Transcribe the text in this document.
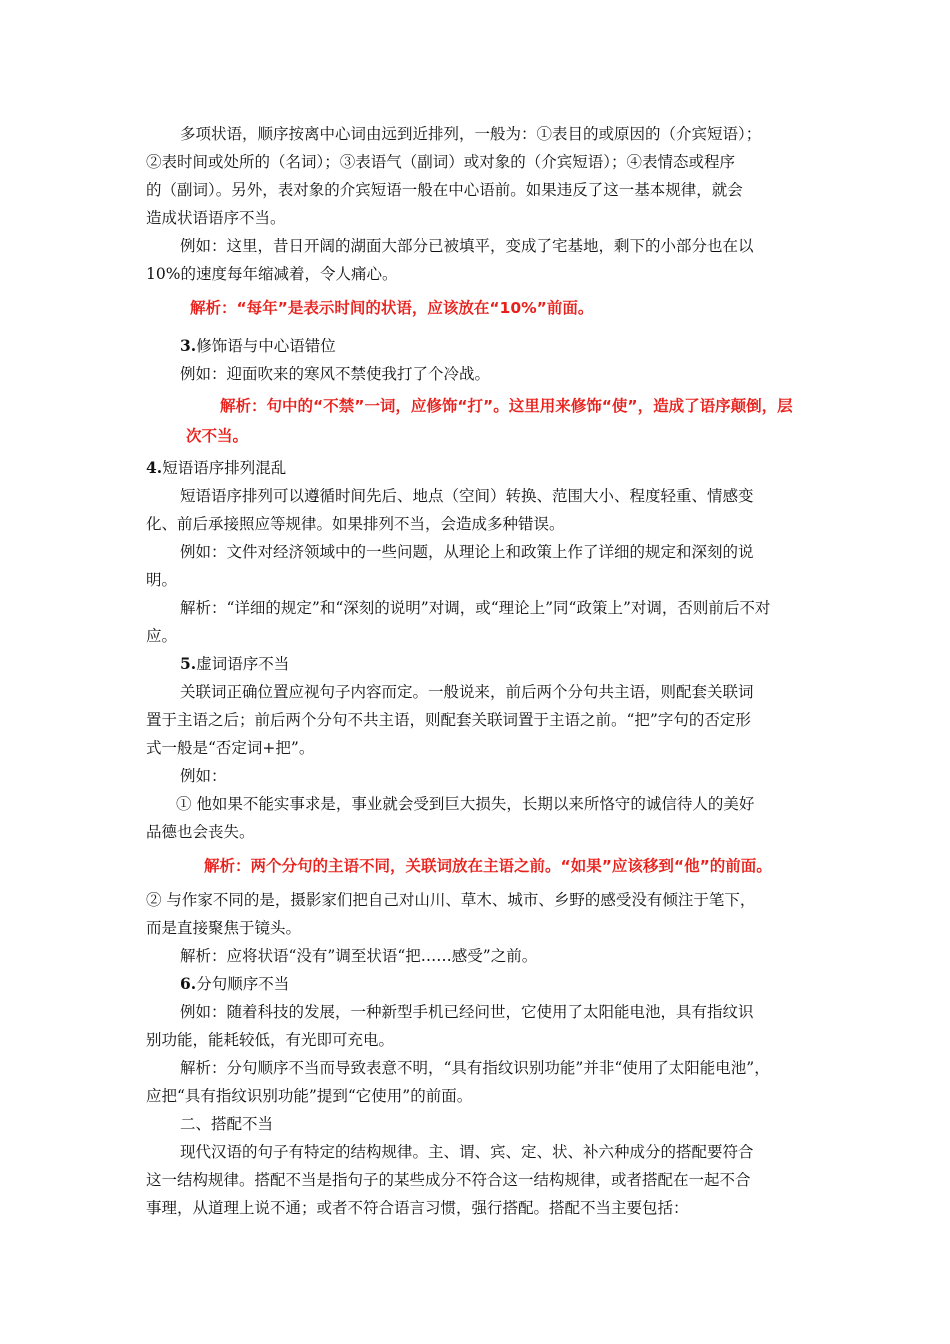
多项状语，顺序按离中心词由远到近排列，一般为：①表目的或原因的（介宾短语）；
②表时间或处所的（名词）；③表语气（副词）或对象的（介宾短语）；④表情态或程序
的（副词）。另外，表对象的介宾短语一般在中心语前。如果违反了这一基本规律，就会
造成状语语序不当。
例如：这里，昔日开阔的湖面大部分已被填平，变成了宅基地，剩下的小部分也在以
10%的速度每年缩减着，令人痛心。
解析：“每年”是表示时间的状语，应该放在“10%”前面。
3.修饰语与中心语错位
例如：迎面吹来的寒风不禁使我打了个冷战。
解析：句中的“不禁”一词，应修饰“打”。这里用来修饰“使”，造成了语序颠倒，层
次不当。
4.短语语序排列混乱
短语语序排列可以遵循时间先后、地点（空间）转换、范围大小、程度轻重、情感变
化、前后承接照应等规律。如果排列不当，会造成多种错误。
例如：文件对经济领域中的一些问题，从理论上和政策上作了详细的规定和深刻的说
明。
解析：“详细的规定”和“深刻的说明”对调，或“理论上”同“政策上”对调，否则前后不对
应。
5.虚词语序不当
关联词正确位置应视句子内容而定。一般说来，前后两个分句共主语，则配套关联词
置于主语之后；前后两个分句不共主语，则配套关联词置于主语之前。“把”字句的否定形
式一般是“否定词+把”。
例如：
① 他如果不能实事求是，事业就会受到巨大损失，长期以来所恪守的诚信待人的美好
品德也会丧失。
解析：两个分句的主语不同，关联词放在主语之前。“如果”应该移到“他”的前面。
② 与作家不同的是，摄影家们把自己对山川、草木、城市、乡野的感受没有倾注于笔下，
而是直接聚焦于镜头。
解析：应将状语“没有”调至状语“把……感受”之前。
6.分句顺序不当
例如：随着科技的发展，一种新型手机已经问世，它使用了太阳能电池，具有指纹识
别功能，能耗较低，有光即可充电。
解析：分句顺序不当而导致表意不明，“具有指纹识别功能”并非“使用了太阳能电池”，
应把“具有指纹识别功能”提到“它使用”的前面。
二、搭配不当
现代汉语的句子有特定的结构规律。主、谓、宾、定、状、补六种成分的搭配要符合
这一结构规律。搭配不当是指句子的某些成分不符合这一结构规律，或者搭配在一起不合
事理，从道理上说不通；或者不符合语言习惯，强行搭配。搭配不当主要包括：
